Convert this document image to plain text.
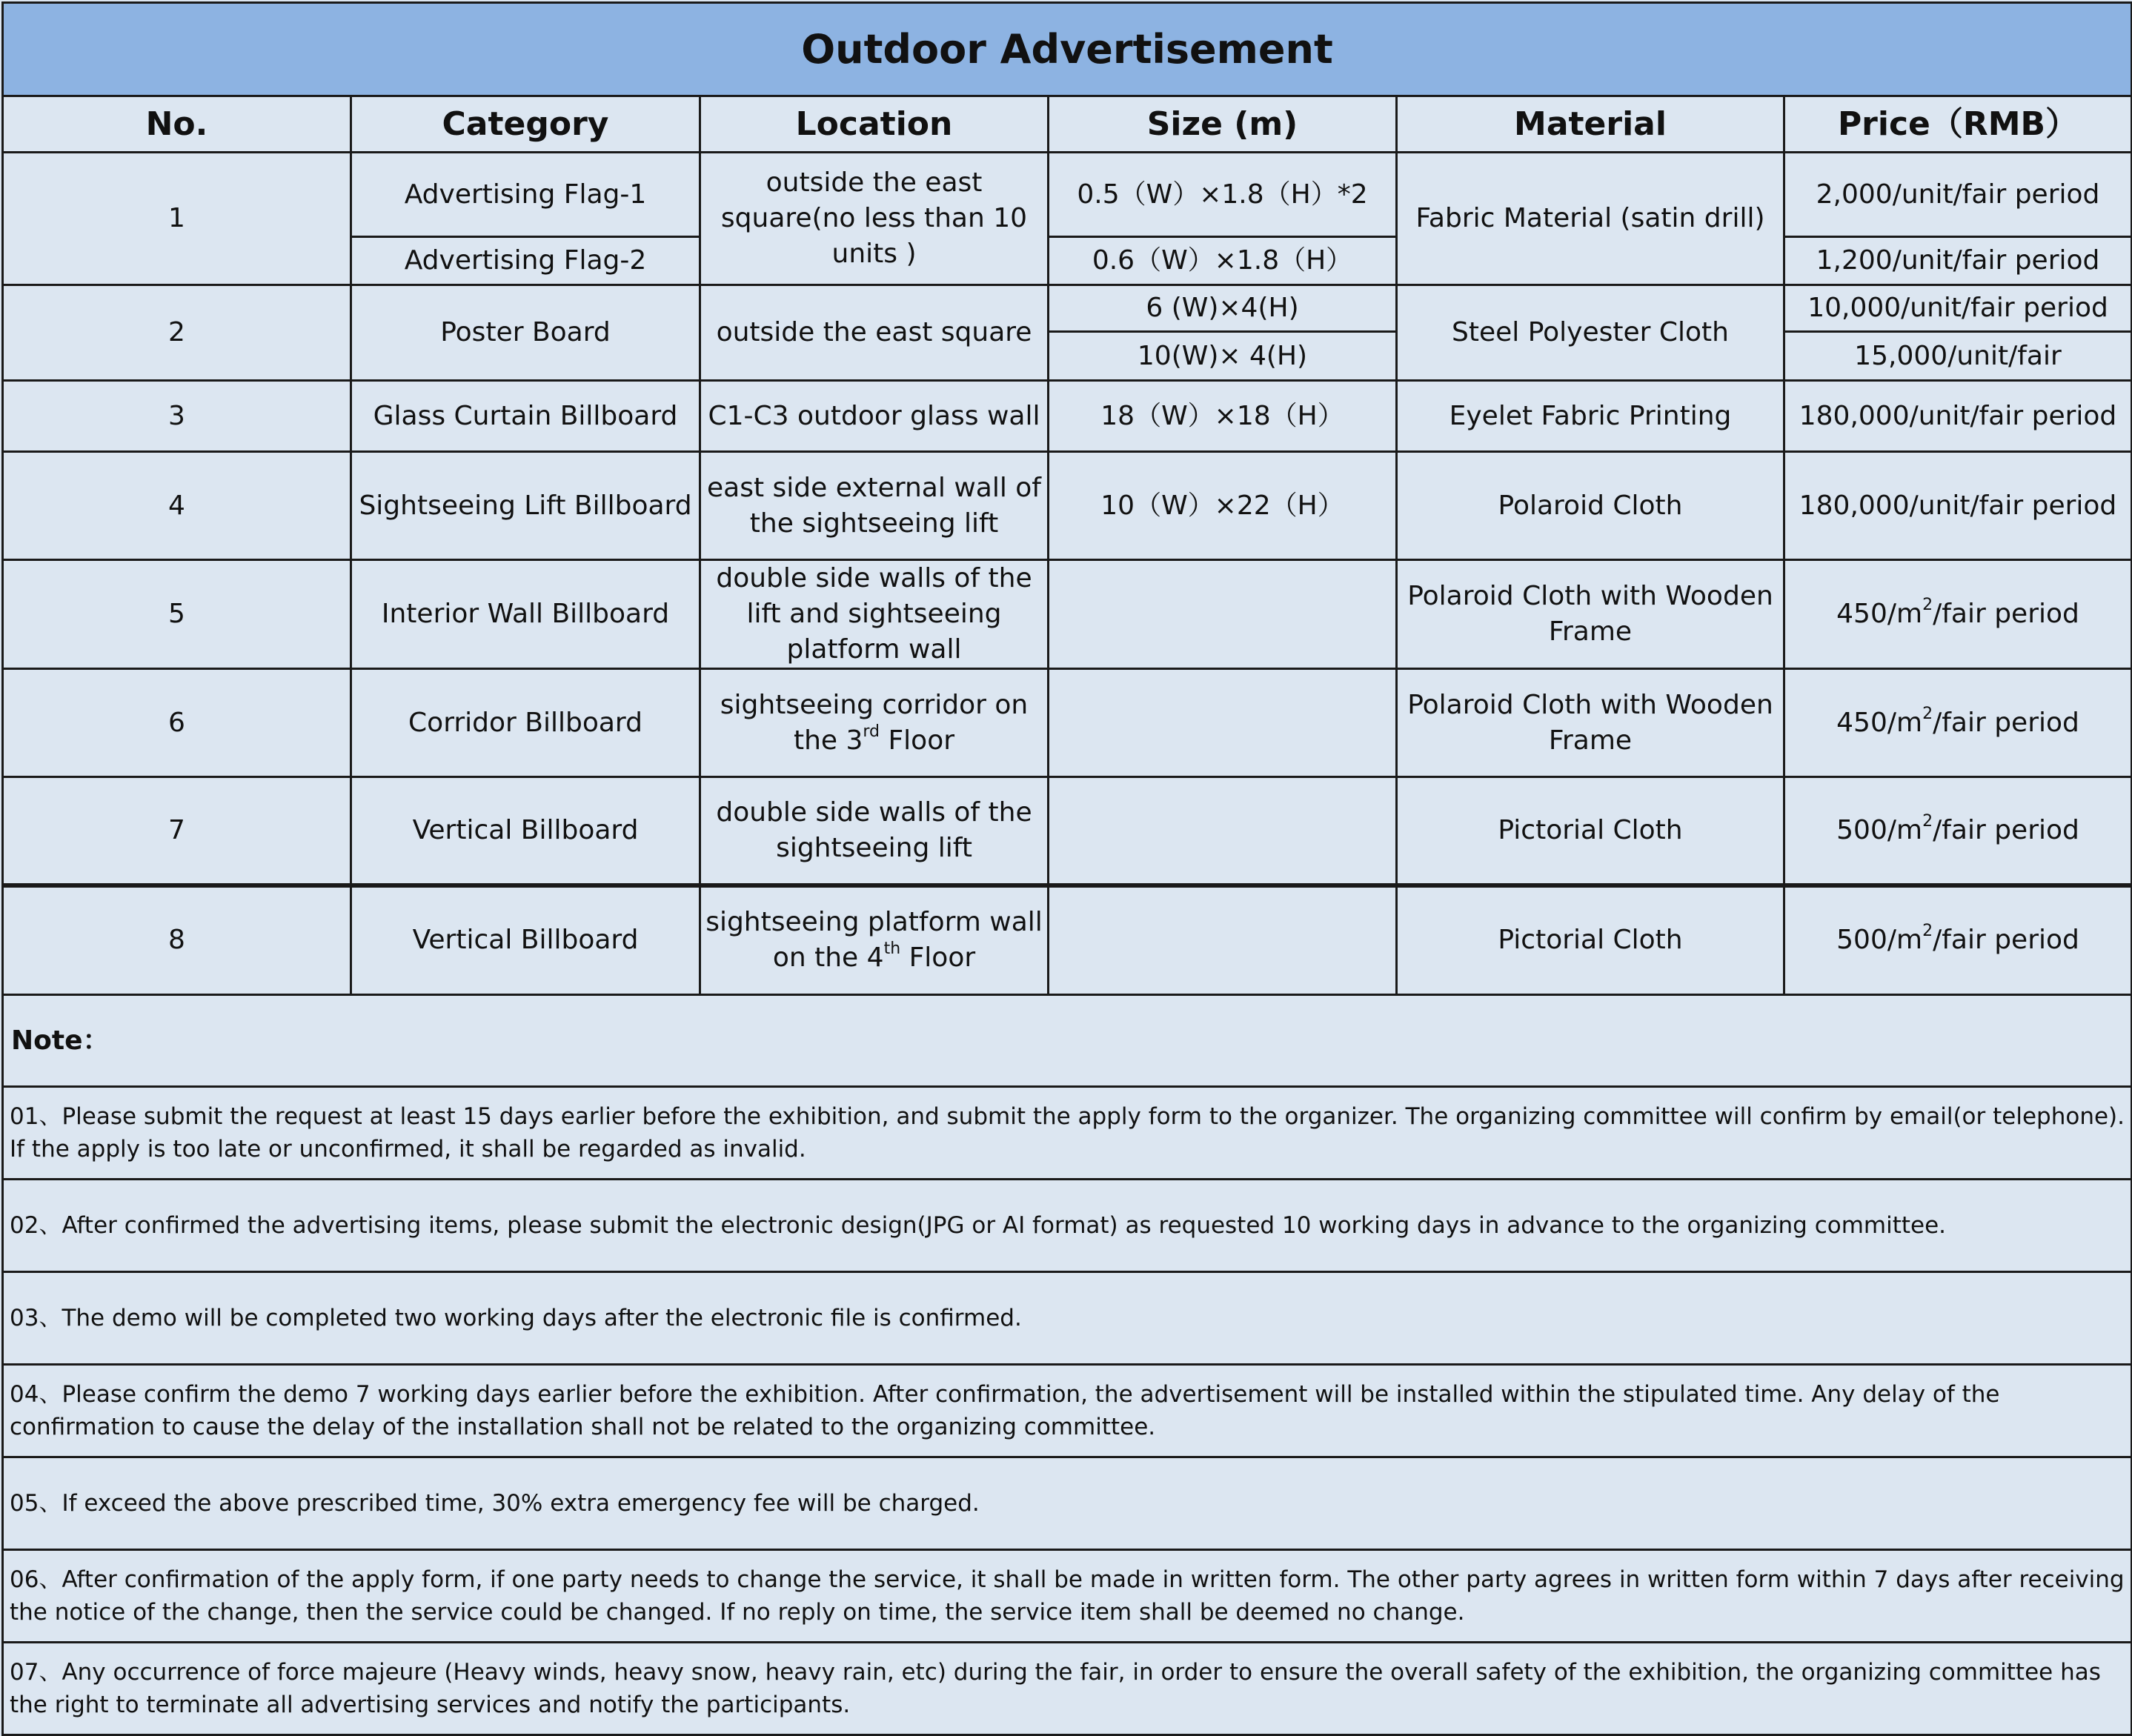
Outdoor Advertisement					
No.	Category	Location	Size (m)	Material	Price（RMB）
1	Advertising Flag-1	outside the east square(no less than 10 units )	0.5（W）×1.8（H）*2	Fabric Material (satin drill)	2,000/unit/fair period
	Advertising Flag-2		0.6（W）×1.8（H）		1,200/unit/fair period
2	Poster Board	outside the east square	6 (W)×4(H)	Steel Polyester Cloth	10,000/unit/fair period
			10(W)× 4(H)		15,000/unit/fair
3	Glass Curtain Billboard	C1-C3 outdoor glass wall	18（W）×18（H）	Eyelet Fabric Printing	180,000/unit/fair period
4	Sightseeing Lift Billboard	east side external wall of the sightseeing lift	10（W）×22（H）	Polaroid Cloth	180,000/unit/fair period
5	Interior Wall Billboard	double side walls of the lift and sightseeing platform wall		Polaroid Cloth with Wooden Frame	$450/m^2$/fair period
6	Corridor Billboard	sightseeing corridor on the 3rd Floor		Polaroid Cloth with Wooden Frame	$450/m^2$/fair period
7	Vertical Billboard	double side walls of the sightseeing lift		Pictorial Cloth	$500/m^2$/fair period
8	Vertical Billboard	sightseeing platform wall on the 4th Floor		Pictorial Cloth	$500/m^2$/fair period
Note：					
01、Please submit the request at least 15 days earlier before the exhibition, and submit the apply form to the organizer. The organizing committee will confirm by email(or telephone). If the apply is too late or unconfirmed, it shall be regarded as invalid.					
02、After confirmed the advertising items, please submit the electronic design(JPG or AI format) as requested 10 working days in advance to the organizing committee.					
03、The demo will be completed two working days after the electronic file is confirmed.					
04、Please confirm the demo 7 working days earlier before the exhibition. After confirmation, the advertisement will be installed within the stipulated time. Any delay of the confirmation to cause the delay of the installation shall not be related to the organizing committee.					
05、If exceed the above prescribed time, 30% extra emergency fee will be charged.					
06、After confirmation of the apply form, if one party needs to change the service, it shall be made in written form. The other party agrees in written form within 7 days after receiving the notice of the change, then the service could be changed. If no reply on time, the service item shall be deemed no change.					
07、Any occurrence of force majeure (Heavy winds, heavy snow, heavy rain, etc) during the fair, in order to ensure the overall safety of the exhibition, the organizing committee has the right to terminate all advertising services and notify the participants.					
